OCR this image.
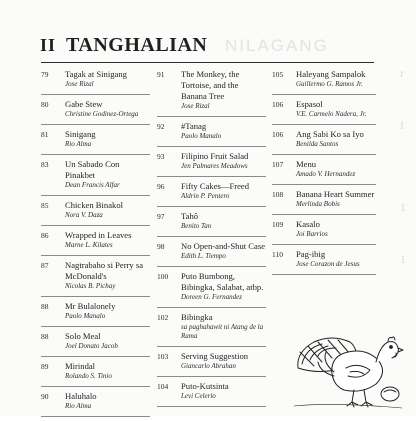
NILAGANG
r
I
1
1
II TANGHALIAN
79 Tagak at Sinigang
Jose Rizal
80 Gabe Stew
Christine Godinez-Ortega
81 Sinigang
Rio Alma
83 Un Sabado Con Pinakbet
Dean Francis Alfar
85 Chicken Binakol
Nora V. Daza
86 Wrapped in Leaves
Marne L. Kilates
87 Nagtrabaho si Perry sa McDonald's
Nicolas B. Pichay
88 Mr Bulalonely
Paolo Manalo
88 Solo Meal
Joel Donato Jacob
89 Mirindal
Rolando S. Tinio
90 Haluhalo
Rio Alma
91 The Monkey, the Tortoise, and the Banana Tree
Jose Rizal
92 #Tanag
Paolo Manalo
93 Filipino Fruit Salad
Jen Palmares Meadows
96 Fifty Cakes—Freed
Aldrin P. Pentero
97 Tahô
Benito Tan
98 No Open-and-Shut Case
Edith L. Tiempo
100 Puto Bumbong, Bibingka, Salabat, atbp.
Doreen G. Fernandez
102 Bibingka
sa paghahawit ni Atang de la Rama
103 Serving Suggestion
Giancarlo Abrahan
104 Puto-Kutsinta
Levi Celerio
105 Haleyang Sampalok
Guillermo G. Ramos Jr.
106 Espasol
V.E. Carmelo Nadera, Jr.
106 Ang Sabi Ko sa Iyo
Benilda Santos
107 Menu
Amado V. Hernandez
108 Banana Heart Summer
Merlinda Bobis
109 Kasalo
Joi Barrios
110 Pag-ibig
Jose Corazon de Jesus
